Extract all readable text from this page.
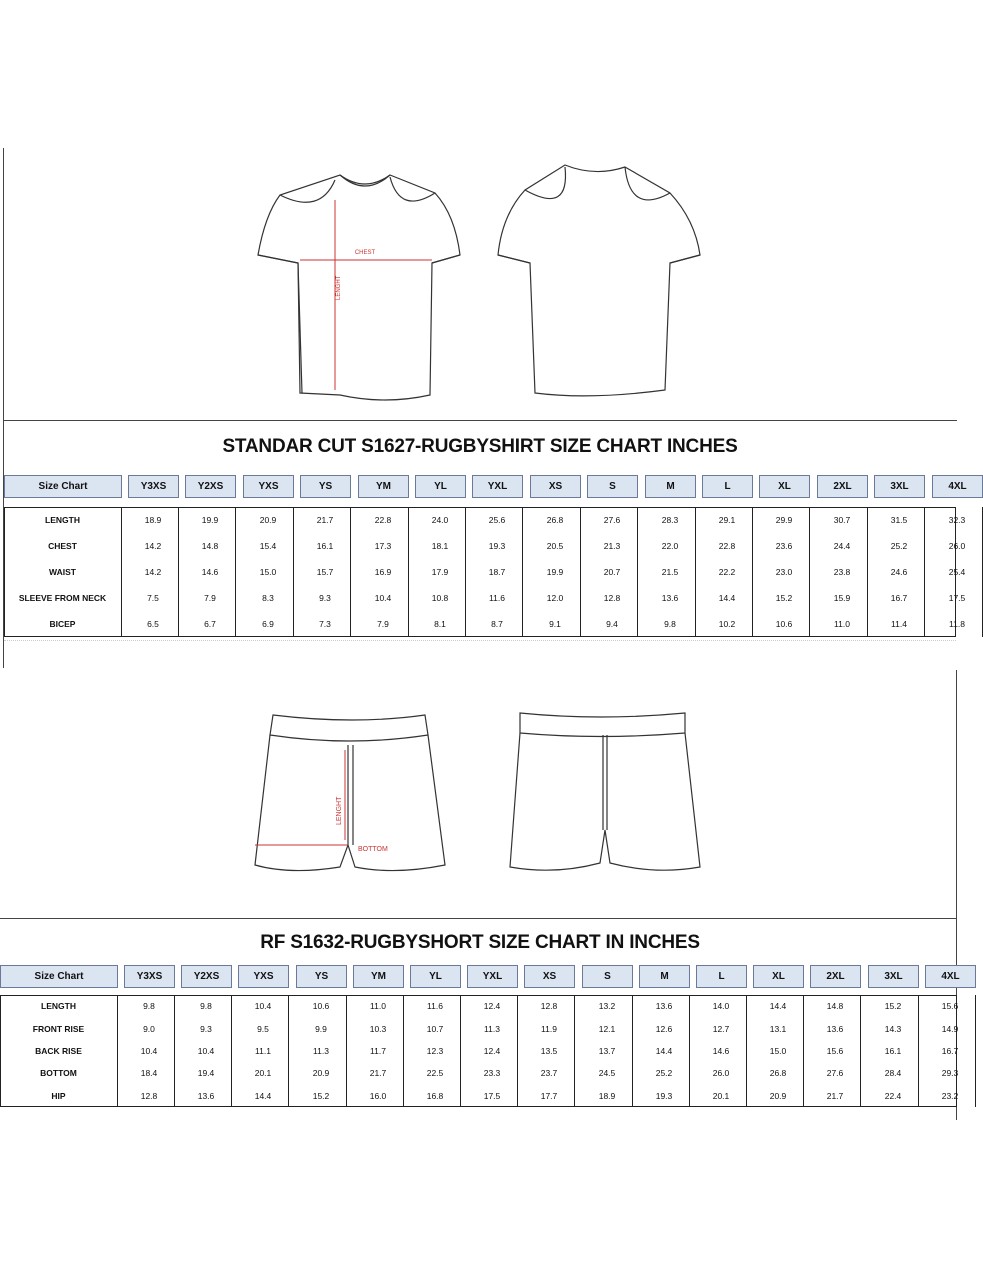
CHEST
LENGHT
STANDAR CUT S1627-RUGBYSHIRT SIZE CHART INCHES
Size Chart	Y3XS	Y2XS	YXS	YS	YM	YL	YXL	XS	S	M	L	XL	2XL	3XL	4XL
LENGTH	18.9	19.9	20.9	21.7	22.8	24.0	25.6	26.8	27.6	28.3	29.1	29.9	30.7	31.5	32.3
CHEST	14.2	14.8	15.4	16.1	17.3	18.1	19.3	20.5	21.3	22.0	22.8	23.6	24.4	25.2	26.0
WAIST	14.2	14.6	15.0	15.7	16.9	17.9	18.7	19.9	20.7	21.5	22.2	23.0	23.8	24.6	25.4
SLEEVE FROM NECK	7.5	7.9	8.3	9.3	10.4	10.8	11.6	12.0	12.8	13.6	14.4	15.2	15.9	16.7	17.5
BICEP	6.5	6.7	6.9	7.3	7.9	8.1	8.7	9.1	9.4	9.8	10.2	10.6	11.0	11.4	11.8
LENGHT
BOTTOM
RF S1632-RUGBYSHORT SIZE CHART IN INCHES
Size Chart	Y3XS	Y2XS	YXS	YS	YM	YL	YXL	XS	S	M	L	XL	2XL	3XL	4XL
LENGTH	9.8	9.8	10.4	10.6	11.0	11.6	12.4	12.8	13.2	13.6	14.0	14.4	14.8	15.2	15.6
FRONT RISE	9.0	9.3	9.5	9.9	10.3	10.7	11.3	11.9	12.1	12.6	12.7	13.1	13.6	14.3	14.9
BACK RISE	10.4	10.4	11.1	11.3	11.7	12.3	12.4	13.5	13.7	14.4	14.6	15.0	15.6	16.1	16.7
BOTTOM	18.4	19.4	20.1	20.9	21.7	22.5	23.3	23.7	24.5	25.2	26.0	26.8	27.6	28.4	29.3
HIP	12.8	13.6	14.4	15.2	16.0	16.8	17.5	17.7	18.9	19.3	20.1	20.9	21.7	22.4	23.2
